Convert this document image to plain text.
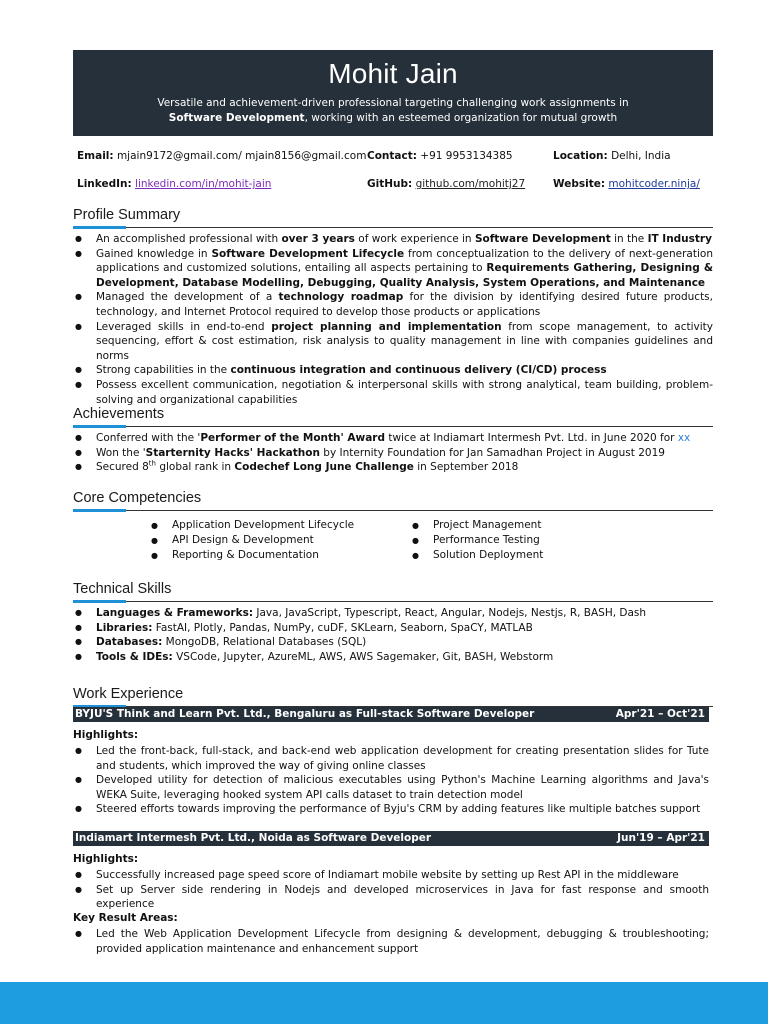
Mohit Jain
Versatile and achievement-driven professional targeting challenging work assignments in Software Development, working with an esteemed organization for mutual growth
Email: mjain9172@gmail.com/ mjain8156@gmail.com Contact: +91 9953134385	Location: Delhi, India
LinkedIn: linkedin.com/in/mohit-jain	GitHub: github.com/mohitj27	Website: mohitcoder.ninja/
Profile Summary
● An accomplished professional with over 3 years of work experience in Software Development in the IT Industry
● Gained knowledge in Software Development Lifecycle from conceptualization to the delivery of next-generation applications and customized solutions, entailing all aspects pertaining to Requirements Gathering, Designing & Development, Database Modelling, Debugging, Quality Analysis, System Operations, and Maintenance
● Managed the development of a technology roadmap for the division by identifying desired future products, technology, and Internet Protocol required to develop those products or applications
● Leveraged skills in end-to-end project planning and implementation from scope management, to activity sequencing, effort & cost estimation, risk analysis to quality management in line with companies guidelines and norms
● Strong capabilities in the continuous integration and continuous delivery (CI/CD) process
● Possess excellent communication, negotiation & interpersonal skills with strong analytical, team building, problem-solving and organizational capabilities
Achievements
● Conferred with the 'Performer of the Month' Award twice at Indiamart Intermesh Pvt. Ltd. in June 2020 for xx
● Won the 'Starternity Hacks' Hackathon by Internity Foundation for Jan Samadhan Project in August 2019
● Secured 8th global rank in Codechef Long June Challenge in September 2018
Core Competencies
● Application Development Lifecycle
● API Design & Development
● Reporting & Documentation
● Project Management
● Performance Testing
● Solution Deployment
Technical Skills
● Languages & Frameworks: Java, JavaScript, Typescript, React, Angular, Nodejs, Nestjs, R, BASH, Dash
● Libraries: FastAI, Plotly, Pandas, NumPy, cuDF, SKLearn, Seaborn, SpaCY, MATLAB
● Databases: MongoDB, Relational Databases (SQL)
● Tools & IDEs: VSCode, Jupyter, AzureML, AWS, AWS Sagemaker, Git, BASH, Webstorm
Work Experience
BYJU'S Think and Learn Pvt. Ltd., Bengaluru as Full-stack Software Developer	Apr'21 – Oct'21
Highlights:
● Led the front-back, full-stack, and back-end web application development for creating presentation slides for Tute and students, which improved the way of giving online classes
● Developed utility for detection of malicious executables using Python's Machine Learning algorithms and Java's WEKA Suite, leveraging hooked system API calls dataset to train detection model
● Steered efforts towards improving the performance of Byju's CRM by adding features like multiple batches support
Indiamart Intermesh Pvt. Ltd., Noida as Software Developer	Jun'19 – Apr'21
Highlights:
● Successfully increased page speed score of Indiamart mobile website by setting up Rest API in the middleware
● Set up Server side rendering in Nodejs and developed microservices in Java for fast response and smooth experience
Key Result Areas:
● Led the Web Application Development Lifecycle from designing & development, debugging & troubleshooting; provided application maintenance and enhancement support
